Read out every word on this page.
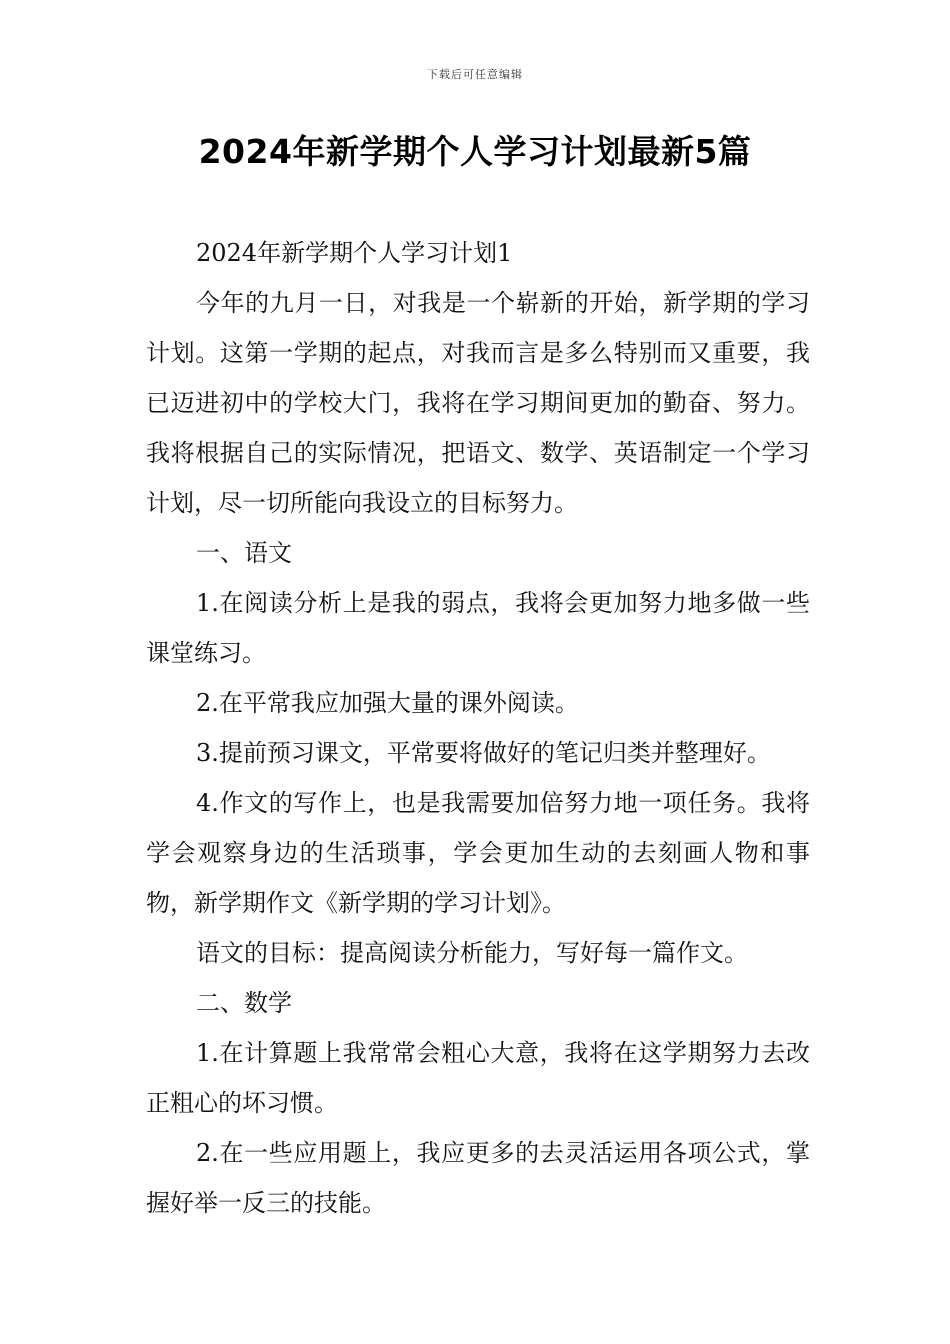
下载后可任意编辑
2024年新学期个人学习计划最新5篇

2024年新学期个人学习计划1

今年的九月一日，对我是一个崭新的开始，新学期的学习计划。这第一学期的起点，对我而言是多么特别而又重要，我已迈进初中的学校大门，我将在学习期间更加的勤奋、努力。我将根据自己的实际情况，把语文、数学、英语制定一个学习计划，尽一切所能向我设立的目标努力。

一、语文

1.在阅读分析上是我的弱点，我将会更加努力地多做一些课堂练习。

2.在平常我应加强大量的课外阅读。

3.提前预习课文，平常要将做好的笔记归类并整理好。

4.作文的写作上，也是我需要加倍努力地一项任务。我将学会观察身边的生活琐事，学会更加生动的去刻画人物和事物，新学期作文《新学期的学习计划》。

语文的目标：提高阅读分析能力，写好每一篇作文。

二、数学

1.在计算题上我常常会粗心大意，我将在这学期努力去改正粗心的坏习惯。

2.在一些应用题上，我应更多的去灵活运用各项公式，掌握好举一反三的技能。
